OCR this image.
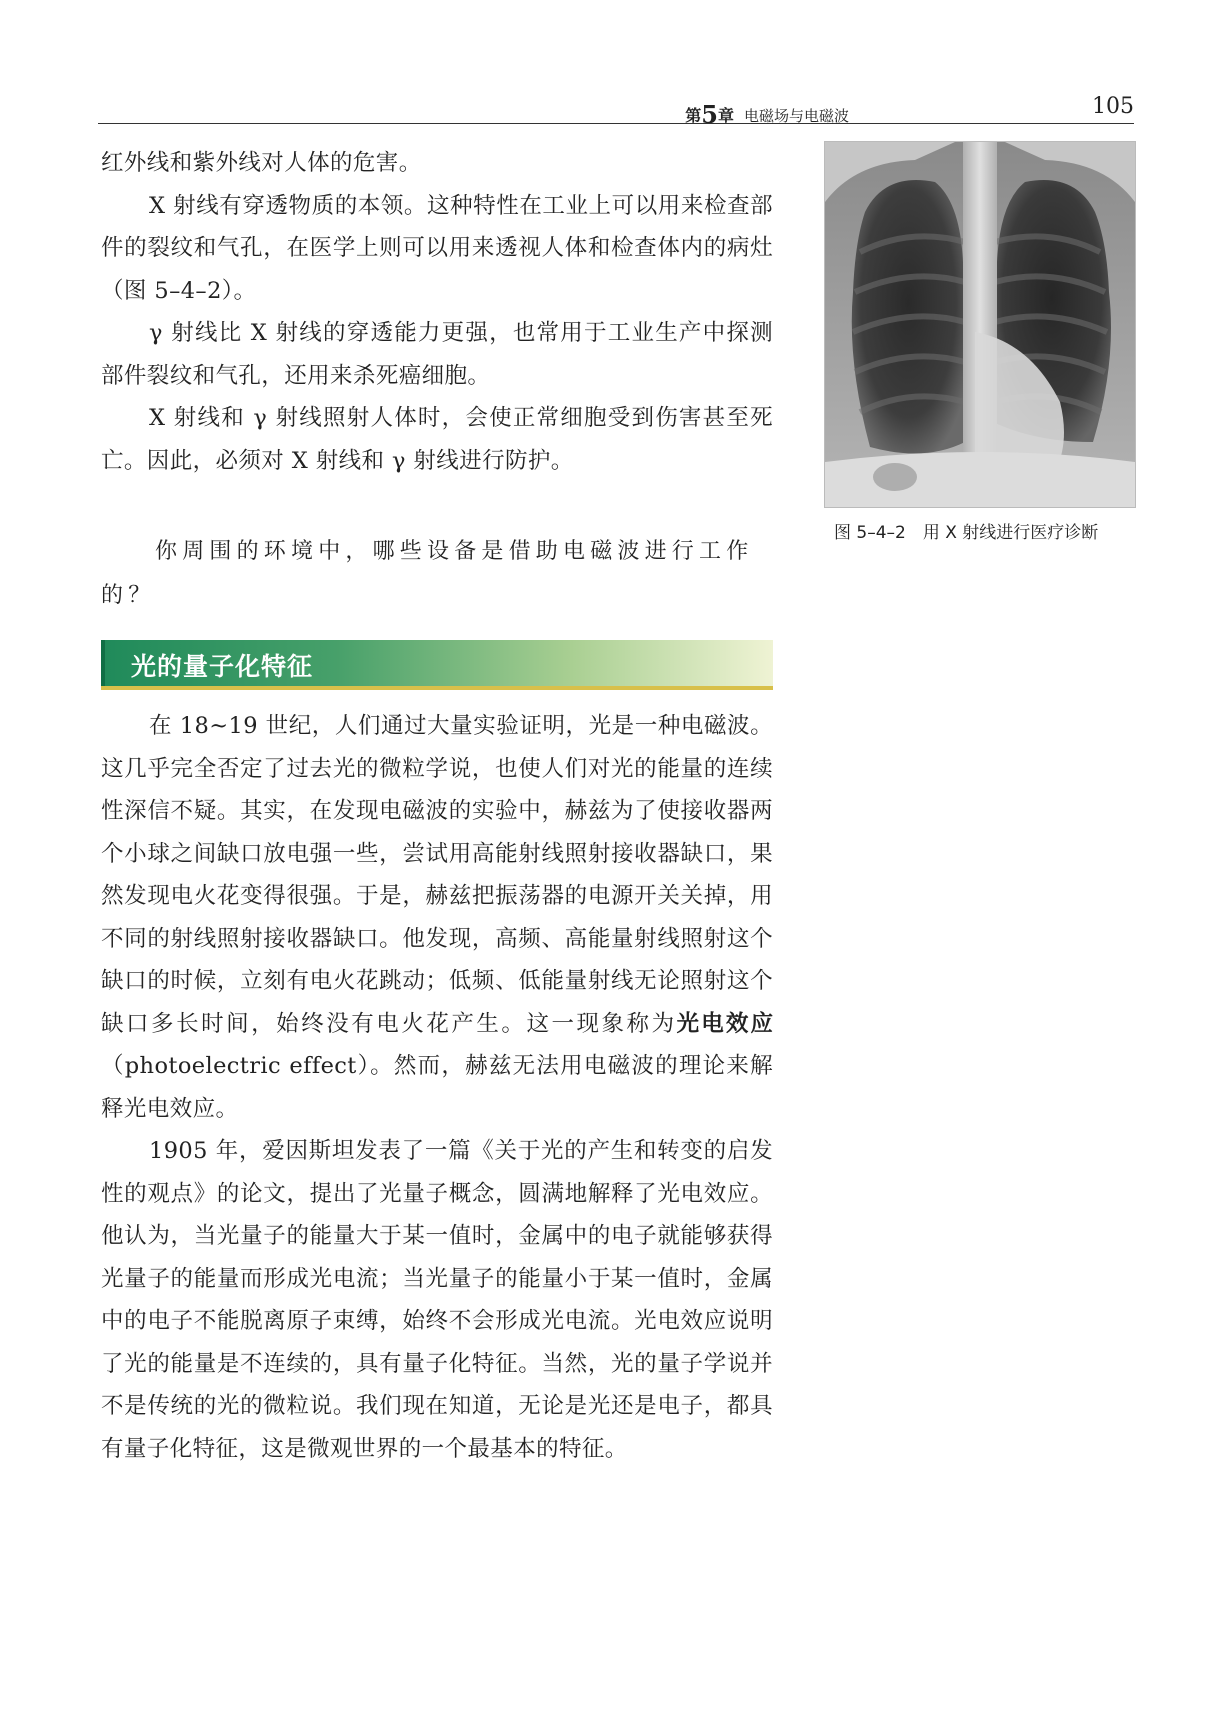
第5章 电磁场与电磁波	105

红外线和紫外线对人体的危害。

X 射线有穿透物质的本领。这种特性在工业上可以用来检查部件的裂纹和气孔，在医学上则可以用来透视人体和检查体内的病灶（图 5–4–2）。

γ 射线比 X 射线的穿透能力更强，也常用于工业生产中探测部件裂纹和气孔，还用来杀死癌细胞。

X 射线和 γ 射线照射人体时，会使正常细胞受到伤害甚至死亡。因此，必须对 X 射线和 γ 射线进行防护。

你周围的环境中，哪些设备是借助电磁波进行工作的？

图 5–4–2　用 X 射线进行医疗诊断
光的量子化特征

在 18~19 世纪，人们通过大量实验证明，光是一种电磁波。这几乎完全否定了过去光的微粒学说，也使人们对光的能量的连续性深信不疑。其实，在发现电磁波的实验中，赫兹为了使接收器两个小球之间缺口放电强一些，尝试用高能射线照射接收器缺口，果然发现电火花变得很强。于是，赫兹把振荡器的电源开关关掉，用不同的射线照射接收器缺口。他发现，高频、高能量射线照射这个缺口的时候，立刻有电火花跳动；低频、低能量射线无论照射这个缺口多长时间，始终没有电火花产生。这一现象称为光电效应（photoelectric effect）。然而，赫兹无法用电磁波的理论来解释光电效应。

1905 年，爱因斯坦发表了一篇《关于光的产生和转变的启发性的观点》的论文，提出了光量子概念，圆满地解释了光电效应。他认为，当光量子的能量大于某一值时，金属中的电子就能够获得光量子的能量而形成光电流；当光量子的能量小于某一值时，金属中的电子不能脱离原子束缚，始终不会形成光电流。光电效应说明了光的能量是不连续的，具有量子化特征。当然，光的量子学说并不是传统的光的微粒说。我们现在知道，无论是光还是电子，都具有量子化特征，这是微观世界的一个最基本的特征。
